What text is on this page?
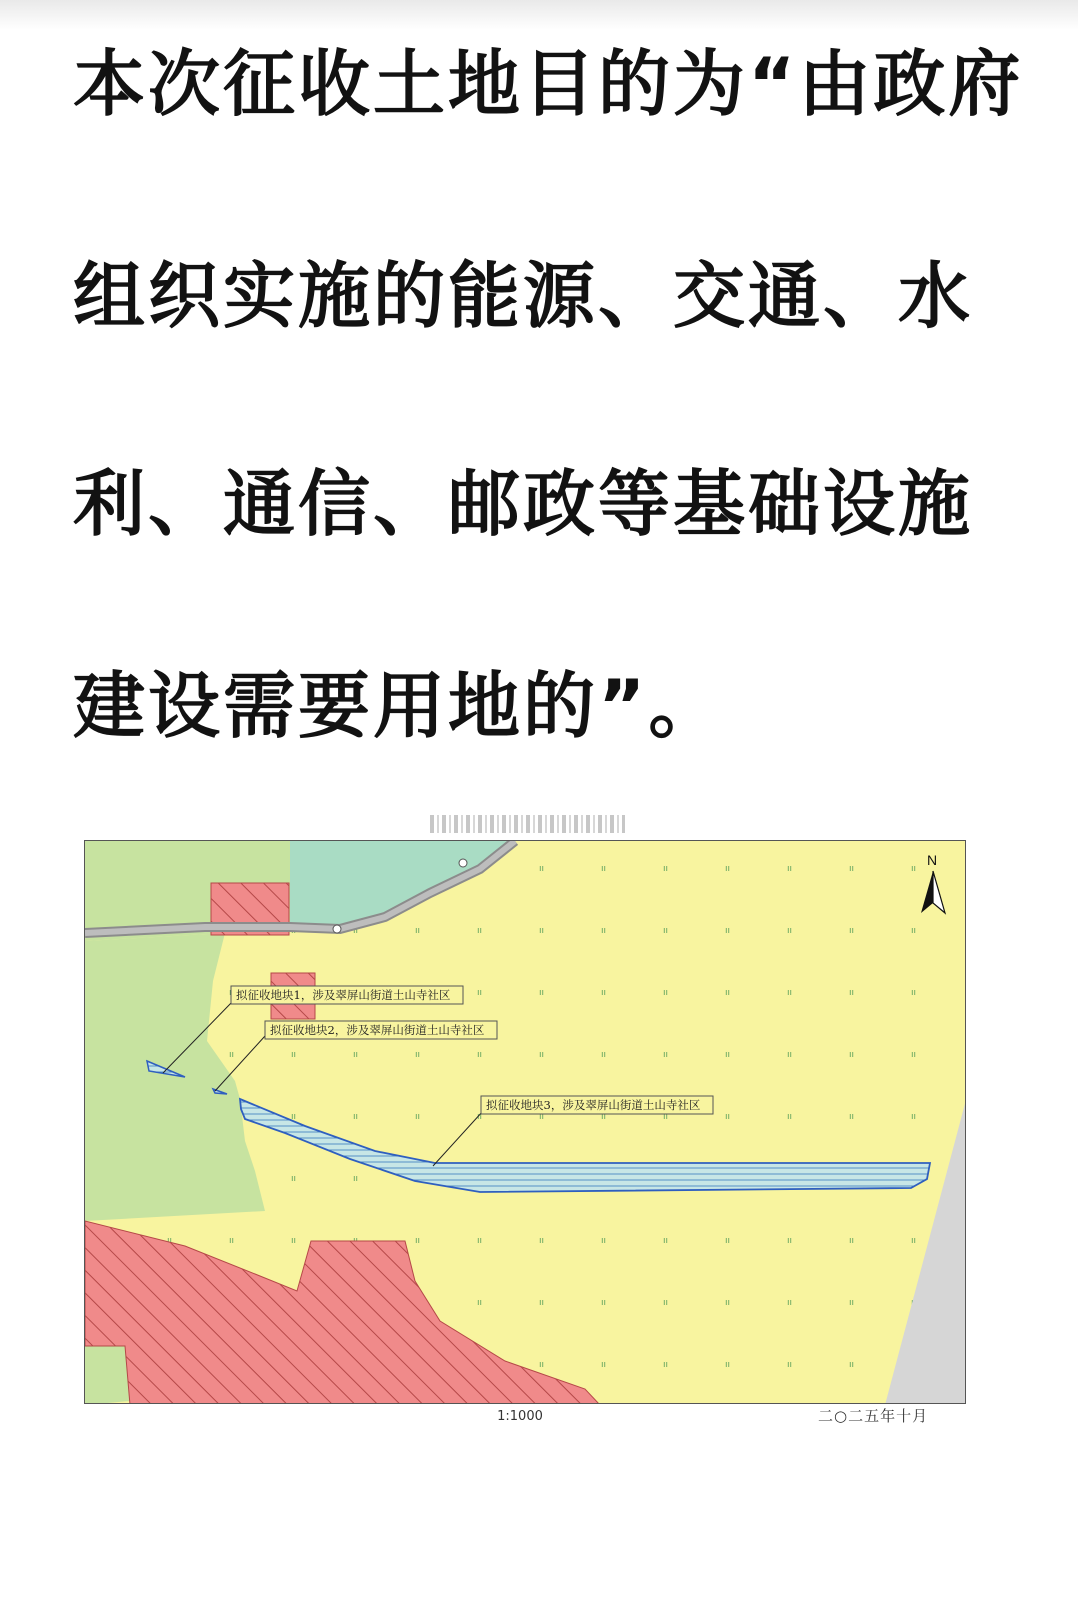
本次征收土地目的为“由政府
组织实施的能源、交通、水
利、通信、邮政等基础设施
建设需要用地的”。
拟征收地块1，涉及翠屏山街道土山寺社区
拟征收地块2，涉及翠屏山街道土山寺社区
拟征收地块3，涉及翠屏山街道土山寺社区
N
1:1000	二○二五年十月
